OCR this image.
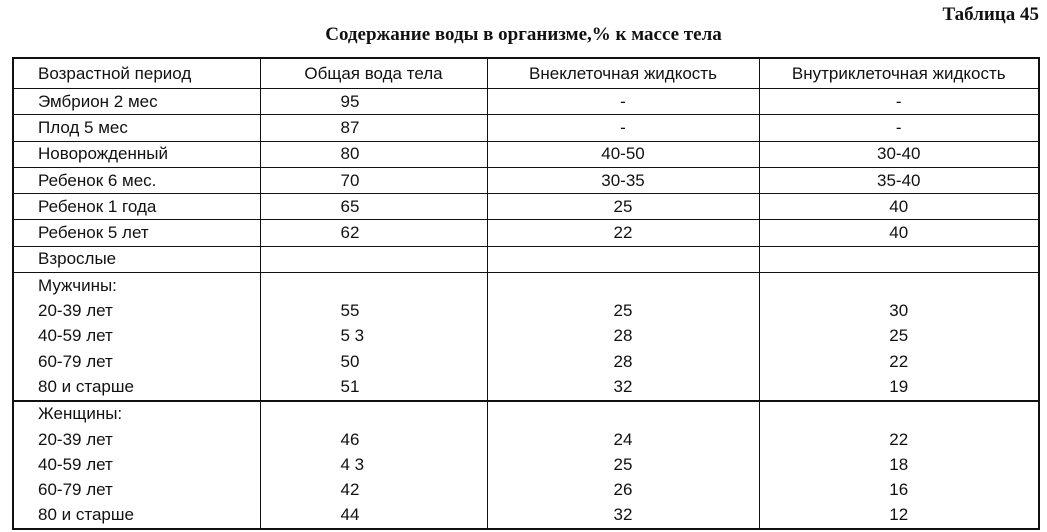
Таблица 45
Содержание воды в организме,% к массе тела
Возрастной период	Общая вода тела	Внеклеточная жидкость	Внутриклеточная жидкость
Эмбрион 2 мес	95	-	-
Плод 5 мес	87	-	-
Новорожденный	80	40-50	30-40
Ребенок 6 мес.	70	30-35	35-40
Ребенок 1 года	65	25	40
Ребенок 5 лет	62	22	40
Взрослые			
Мужчины:			
20-39 лет	55	25	30
40-59 лет	5 3	28	25
60-79 лет	50	28	22
80 и старше	51	32	19
Женщины:			
20-39 лет	46	24	22
40-59 лет	4 3	25	18
60-79 лет	42	26	16
80 и старше	44	32	12
